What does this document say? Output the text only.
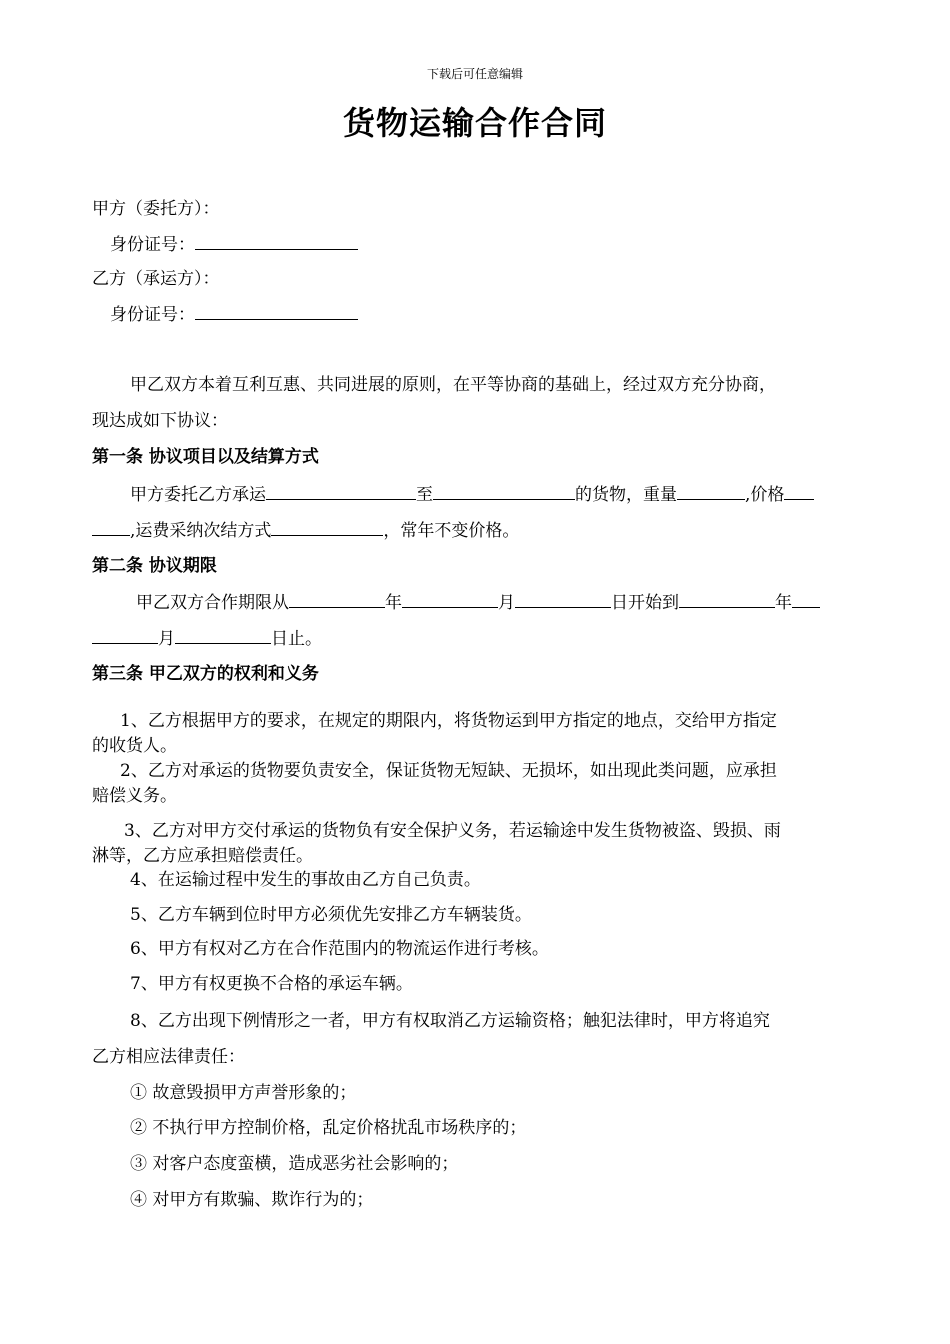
下载后可任意编辑
货物运输合作合同
甲方（委托方）：
身份证号：
乙方（承运方）：
身份证号：
甲乙双方本着互利互惠、共同进展的原则，在平等协商的基础上，经过双方充分协商，
现达成如下协议：
第一条 协议项目以及结算方式
甲方委托乙方承运	至	的货物，重量	,价格
,运费采纳次结方式	，常年不变价格。
第二条 协议期限
甲乙双方合作期限从	年	月	日开始到	年
月	日止。
第三条 甲乙双方的权利和义务
1、乙方根据甲方的要求，在规定的期限内，将货物运到甲方指定的地点，交给甲方指定
的收货人。
2、乙方对承运的货物要负责安全，保证货物无短缺、无损坏，如出现此类问题，应承担
赔偿义务。
3、乙方对甲方交付承运的货物负有安全保护义务，若运输途中发生货物被盗、毁损、雨
淋等，乙方应承担赔偿责任。
4、在运输过程中发生的事故由乙方自己负责。
5、乙方车辆到位时甲方必须优先安排乙方车辆装货。
6、甲方有权对乙方在合作范围内的物流运作进行考核。
7、甲方有权更换不合格的承运车辆。
8、乙方出现下例情形之一者，甲方有权取消乙方运输资格；触犯法律时，甲方将追究
乙方相应法律责任：
① 故意毁损甲方声誉形象的；
② 不执行甲方控制价格，乱定价格扰乱市场秩序的；
③ 对客户态度蛮横，造成恶劣社会影响的；
④ 对甲方有欺骗、欺诈行为的；
